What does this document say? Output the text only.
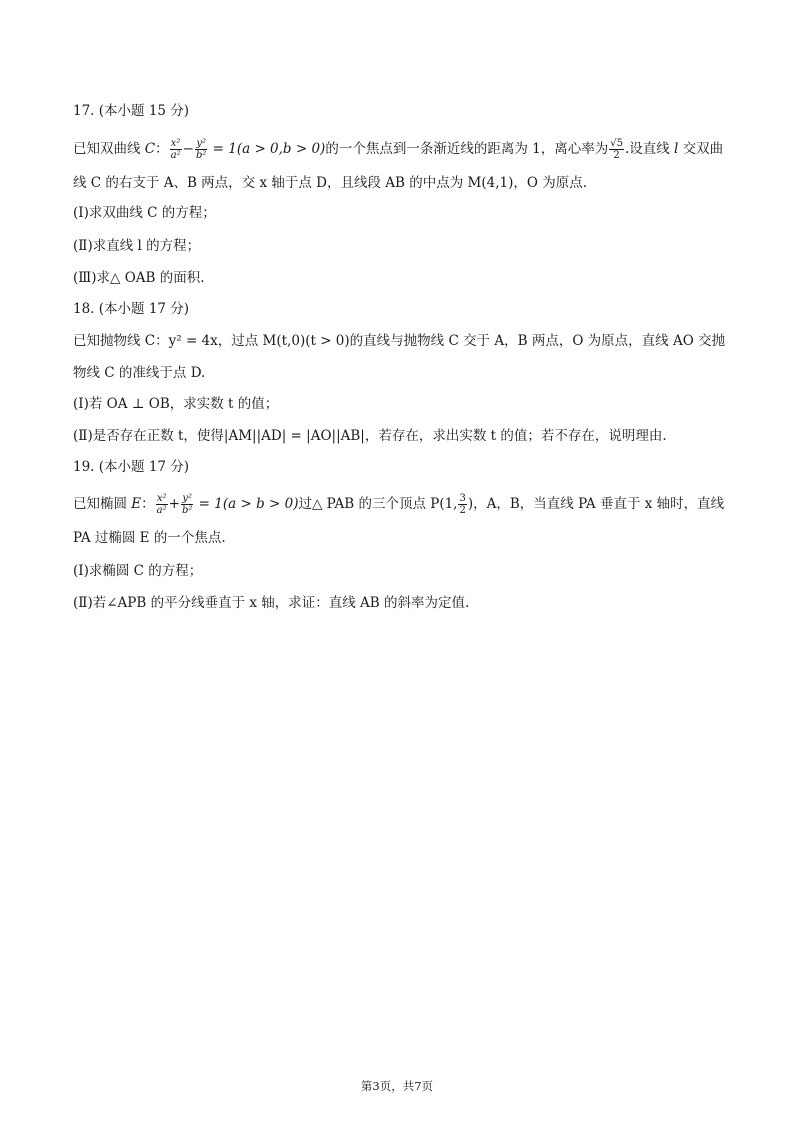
17. (本小题 15 分)
已知双曲线 C： $\frac{\text{x²}}{\text{a²}} - \frac{\text{y²}}{\text{b²}} = 1(a > 0,b > 0)$的一个焦点到一条渐近线的距离为 1，离心率为 $\frac{√5}{2}$ .设直线 l 交双曲
线 C 的右支于 A、B 两点，交 x 轴于点 D，且线段 AB 的中点为 M(4,1)，O 为原点.
(Ⅰ)求双曲线 C 的方程；
(Ⅱ)求直线 l 的方程；
(Ⅲ)求△ OAB 的面积.
18. (本小题 17 分)
已知抛物线 C：y² = 4x，过点 M(t,0)(t > 0)的直线与抛物线 C 交于 A，B 两点，O 为原点，直线 AO 交抛
物线 C 的准线于点 D.
(Ⅰ)若 OA ⊥ OB，求实数 t 的值；
(Ⅱ)是否存在正数 t，使得|AM||AD| = |AO||AB|，若存在，求出实数 t 的值；若不存在，说明理由.
19. (本小题 17 分)
已知椭圆 E： $\frac{\text{x²}}{\text{a²}} + \frac{\text{y²}}{\text{b²}} = 1(a > b > 0)$过△ PAB 的三个顶点 P(1, $\frac{3}{2}$ )，A，B，当直线 PA 垂直于 x 轴时，直线
PA 过椭圆 E 的一个焦点.
(Ⅰ)求椭圆 C 的方程；
(Ⅱ)若∠APB 的平分线垂直于 x 轴，求证：直线 AB 的斜率为定值.
第3页，共7页
